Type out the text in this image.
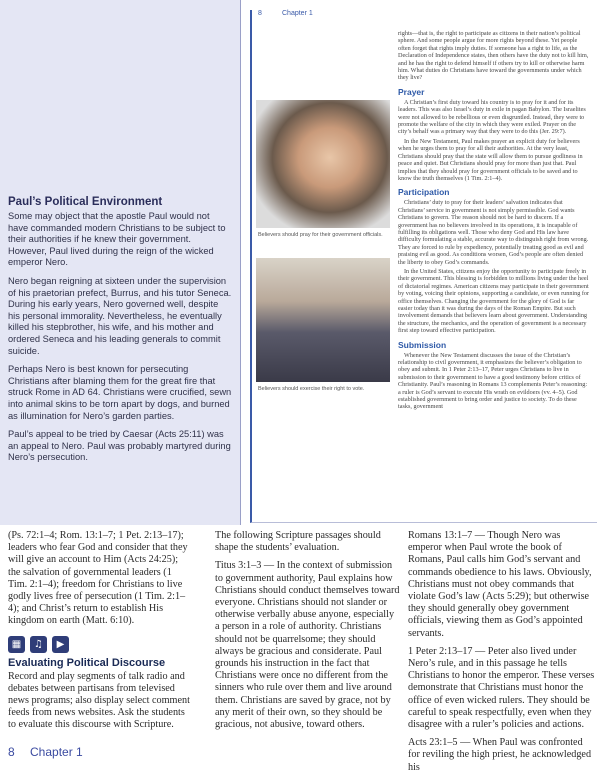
Paul’s Political Environment

Some may object that the apostle Paul would not have commanded modern Christians to be subject to their authorities if he knew their government. However, Paul lived during the reign of the wicked emperor Nero.

Nero began reigning at sixteen under the supervision of his praetorian prefect, Burrus, and his tutor Seneca. During his early years, Nero governed well, despite his personal immorality. Nevertheless, he eventually killed his stepbrother, his wife, and his mother and ordered Seneca and his leading generals to commit suicide.

Perhaps Nero is best known for persecuting Christians after blaming them for the great fire that struck Rome in AD 64. Christians were crucified, sewn into animal skins to be torn apart by dogs, and burned as illumination for Nero’s garden parties.

Paul’s appeal to be tried by Caesar (Acts 25:11) was an appeal to Nero. Paul was probably martyred during Nero’s persecution.

8	Chapter 1
Believers should pray for their government officials.
Believers should exercise their right to vote.

rights—that is, the right to participate as citizens in their nation’s political sphere. And some people argue for more rights beyond these. Yet people often forget that rights imply duties. If someone has a right to life, as the Declaration of Independence states, then others have the duty not to kill him, and he has the right to defend himself if others try to kill or otherwise harm him. What duties do Christians have toward the governments under which they live?

Prayer

A Christian’s first duty toward his country is to pray for it and for its leaders. This was also Israel’s duty in exile in pagan Babylon. The Israelites were not allowed to be rebellious or even disgruntled. Instead, they were to promote the welfare of the city in which they were exiled. Prayer on the city’s behalf was a primary way that they were to do this (Jer. 29:7).

In the New Testament, Paul makes prayer an explicit duty for believers when he urges them to pray for all their authorities. At the very least, Christians should pray that the state will allow them to pursue godliness in peace and quiet. But Christians should pray for more than just that. Paul implies that they should pray for government officials to be saved and to know the truth themselves (1 Tim. 2:1–4).

Participation

Christians’ duty to pray for their leaders’ salvation indicates that Christians’ service in government is not simply permissible. God wants Christians to govern. The reason should not be hard to discern. If a government has no believers involved in its operations, it is incapable of fulfilling its obligations well. Those who deny God and His law have difficulty formulating a stable, accurate way to distinguish right from wrong. They are forced to rule by expediency, potentially treating good as evil and praising evil as good. As conditions worsen, God’s people are often denied the liberty to obey God’s commands.

In the United States, citizens enjoy the opportunity to participate freely in their government. This blessing is forbidden to millions living under the heel of dictatorial regimes. American citizens may participate in their government by voting, voicing their opinions, supporting a candidate, or even running for office themselves. Changing the government for the glory of God is far easier today than it was during the days of the Roman Empire. But such involvement demands that believers learn about government. Understanding the structure, the mechanics, and the operation of government is a necessary first step toward effective participation.

Submission

Whenever the New Testament discusses the issue of the Christian’s relationship to civil government, it emphasizes the believer’s obligation to obey and submit. In 1 Peter 2:13–17, Peter urges Christians to live in submission to their government to have a good testimony before critics of Christianity. Paul’s reasoning in Romans 13 complements Peter’s reasoning: a ruler is God’s servant to execute His wrath on evildoers (vv. 4–5). God established government to bring order and justice to society. To do these tasks, government

(Ps. 72:1–4; Rom. 13:1–7; 1 Pet. 2:13–17); leaders who fear God and consider that they will give an account to Him (Acts 24:25); the salvation of governmental leaders (1 Tim. 2:1–4); freedom for Christians to live godly lives free of persecution (1 Tim. 2:1–4); and Christ’s return to establish His kingdom on earth (Matt. 6:10).

▦	♫	▶
Evaluating Political Discourse

Record and play segments of talk radio and debates between partisans from televised news programs; also display select comment feeds from news websites. Ask the students to evaluate this discourse with Scripture.

The following Scripture passages should shape the students’ evaluation.

Titus 3:1–3 — In the context of submission to government authority, Paul explains how Christians should conduct themselves toward everyone. Christians should not slander or otherwise verbally abuse anyone, especially a person in a role of authority. Christians should not be quarrelsome; they should always be gracious and considerate. Paul grounds his instruction in the fact that Christians were once no different from the sinners who rule over them and live around them. Christians are saved by grace, not by any merit of their own, so they should be gracious, not abusive, toward others.

Romans 13:1–7 — Though Nero was emperor when Paul wrote the book of Romans, Paul calls him God’s servant and commands obedience to his laws. Obviously, Christians must not obey commands that violate God’s law (Acts 5:29); but otherwise they should generally obey government officials, viewing them as God’s appointed servants.

1 Peter 2:13–17 — Peter also lived under Nero’s rule, and in this passage he tells Christians to honor the emperor. These verses demonstrate that Christians must honor the office of even wicked rulers. They should be careful to speak respectfully, even when they disagree with a ruler’s policies and actions.

Acts 23:1–5 — When Paul was confronted for reviling the high priest, he acknowledged his

8 Chapter 1
